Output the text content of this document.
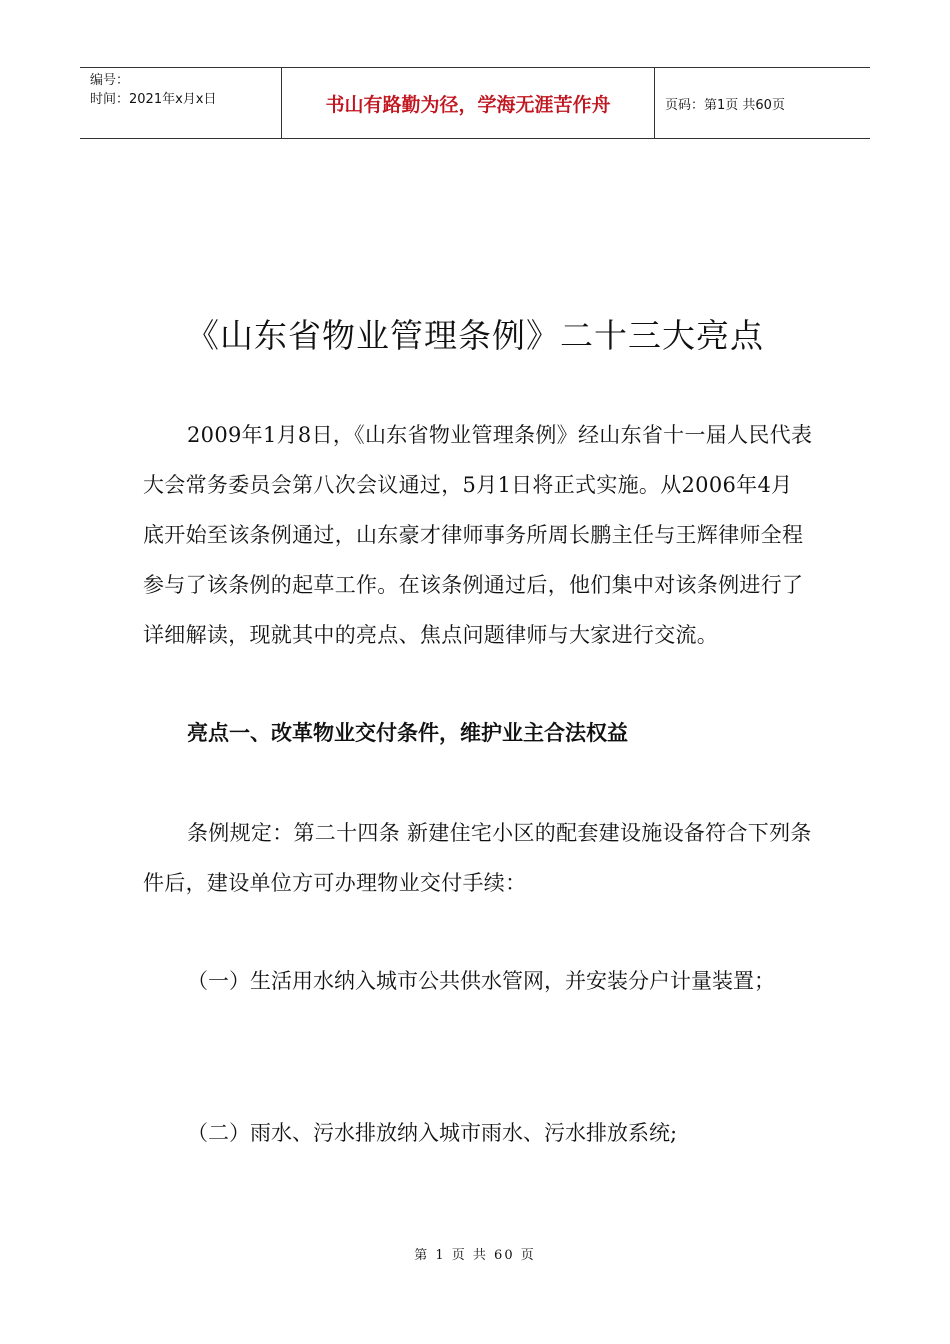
编号：
时间：2021年x月x日	书山有路勤为径，学海无涯苦作舟	页码：第1页 共60页
《山东省物业管理条例》二十三大亮点

2009年1月8日，《山东省物业管理条例》经山东省十一届人民代表大会常务委员会第八次会议通过，5月1日将正式实施。从2006年4月底开始至该条例通过，山东豪才律师事务所周长鹏主任与王辉律师全程参与了该条例的起草工作。在该条例通过后，他们集中对该条例进行了详细解读，现就其中的亮点、焦点问题律师与大家进行交流。

亮点一、改革物业交付条件，维护业主合法权益

条例规定：第二十四条 新建住宅小区的配套建设施设备符合下列条件后，建设单位方可办理物业交付手续：

（一）生活用水纳入城市公共供水管网，并安装分户计量装置；
（二）雨水、污水排放纳入城市雨水、污水排放系统;
第 1 页 共 60 页
